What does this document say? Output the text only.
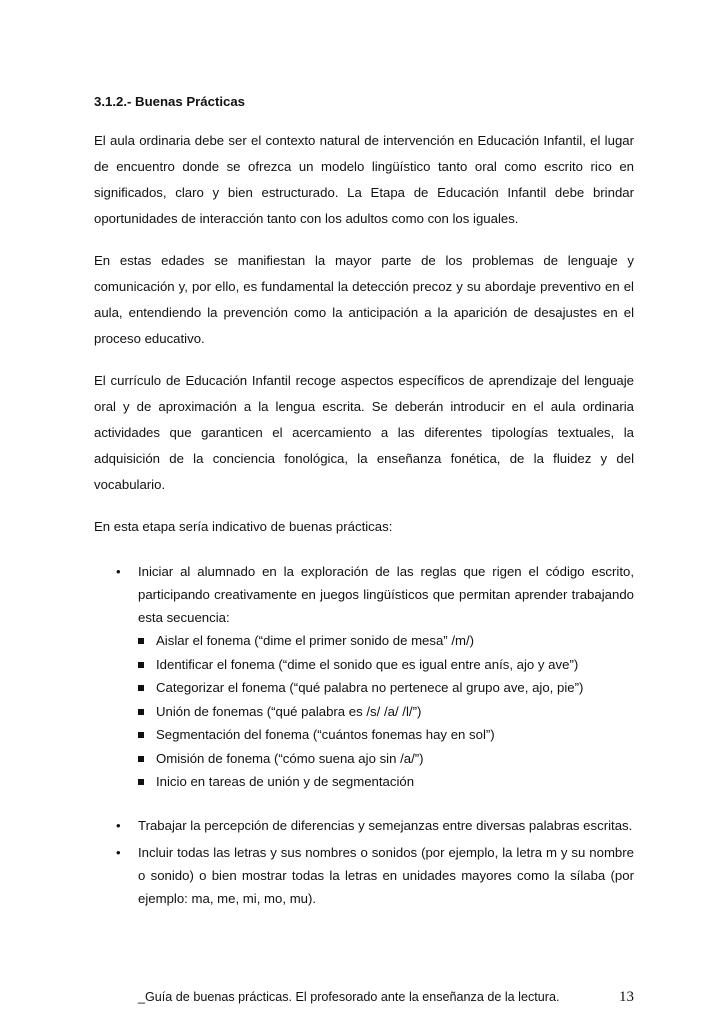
3.1.2.- Buenas Prácticas

El aula ordinaria debe ser el contexto natural de intervención en Educación Infantil, el lugar de encuentro donde se ofrezca un modelo lingüístico tanto oral como escrito rico en significados, claro y bien estructurado. La Etapa de Educación Infantil debe brindar oportunidades de interacción tanto con los adultos como con los iguales.

En estas edades se manifiestan la mayor parte de los problemas de lenguaje y comunicación y, por ello, es fundamental la detección precoz y su abordaje preventivo en el aula, entendiendo la prevención como la anticipación a la aparición de desajustes en el proceso educativo.

El currículo de Educación Infantil recoge aspectos específicos de aprendizaje del lenguaje oral y de aproximación a la lengua escrita. Se deberán introducir en el aula ordinaria actividades que garanticen el acercamiento a las diferentes tipologías textuales, la adquisición de la conciencia fonológica, la enseñanza fonética, de la fluidez y del vocabulario.

En esta etapa sería indicativo de buenas prácticas:

• Iniciar al alumnado en la exploración de las reglas que rigen el código escrito, participando creativamente en juegos lingüísticos que permitan aprender trabajando esta secuencia:
Aislar el fonema (“dime el primer sonido de mesa” /m/)
Identificar el fonema (“dime el sonido que es igual entre anís, ajo y ave”)
Categorizar el fonema (“qué palabra no pertenece al grupo ave, ajo, pie”)
Unión de fonemas (“qué palabra es /s/ /a/ /l/”)
Segmentación del fonema (“cuántos fonemas hay en sol”)
Omisión de fonema (“cómo suena ajo sin /a/”)
Inicio en tareas de unión y de segmentación
• Trabajar la percepción de diferencias y semejanzas entre diversas palabras escritas.
• Incluir todas las letras y sus nombres o sonidos (por ejemplo, la letra m y su nombre o sonido) o bien mostrar todas la letras en unidades mayores como la sílaba (por ejemplo: ma, me, mi, mo, mu).
_Guía de buenas prácticas. El profesorado ante la enseñanza de la lectura.	13
